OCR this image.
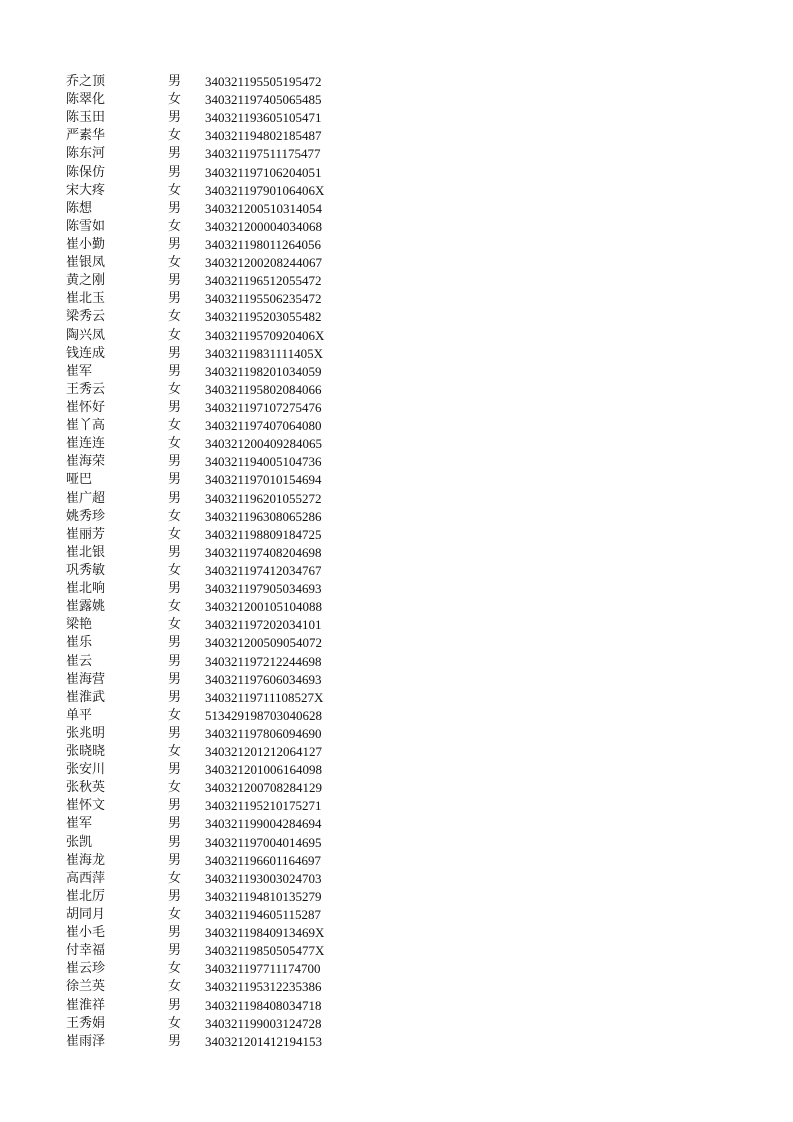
乔之顶	男 340321195505195472
陈翠化	女 340321197405065485
陈玉田	男 340321193605105471
严素华	女 340321194802185487
陈东河	男 340321197511175477
陈保仿	男 340321197106204051
宋大疼	女 34032119790106406X
陈想	男 340321200510314054
陈雪如	女 340321200004034068
崔小勤	男 340321198011264056
崔银凤	女 340321200208244067
黄之刚	男 340321196512055472
崔北玉	男 340321195506235472
梁秀云	女 340321195203055482
陶兴凤	女 34032119570920406X
钱连成	男 34032119831111405X
崔军	男 340321198201034059
王秀云	女 340321195802084066
崔怀好	男 340321197107275476
崔丫高	女 340321197407064080
崔连连	女 340321200409284065
崔海荣	男 340321194005104736
哑巴	男 340321197010154694
崔广超	男 340321196201055272
姚秀珍	女 340321196308065286
崔丽芳	女 340321198809184725
崔北银	男 340321197408204698
巩秀敏	女 340321197412034767
崔北响	男 340321197905034693
崔露姚	女 340321200105104088
梁艳	女 340321197202034101
崔乐	男 340321200509054072
崔云	男 340321197212244698
崔海营	男 340321197606034693
崔淮武	男 34032119711108527X
单平	女 513429198703040628
张兆明	男 340321197806094690
张晓晓	女 340321201212064127
张安川	男 340321201006164098
张秋英	女 340321200708284129
崔怀文	男 340321195210175271
崔军	男 340321199004284694
张凯	男 340321197004014695
崔海龙	男 340321196601164697
高西萍	女 340321193003024703
崔北厉	男 340321194810135279
胡同月	女 340321194605115287
崔小毛	男 34032119840913469X
付幸福	男 34032119850505477X
崔云珍	女 340321197711174700
徐兰英	女 340321195312235386
崔淮祥	男 340321198408034718
王秀娟	女 340321199003124728
崔雨泽	男 340321201412194153
